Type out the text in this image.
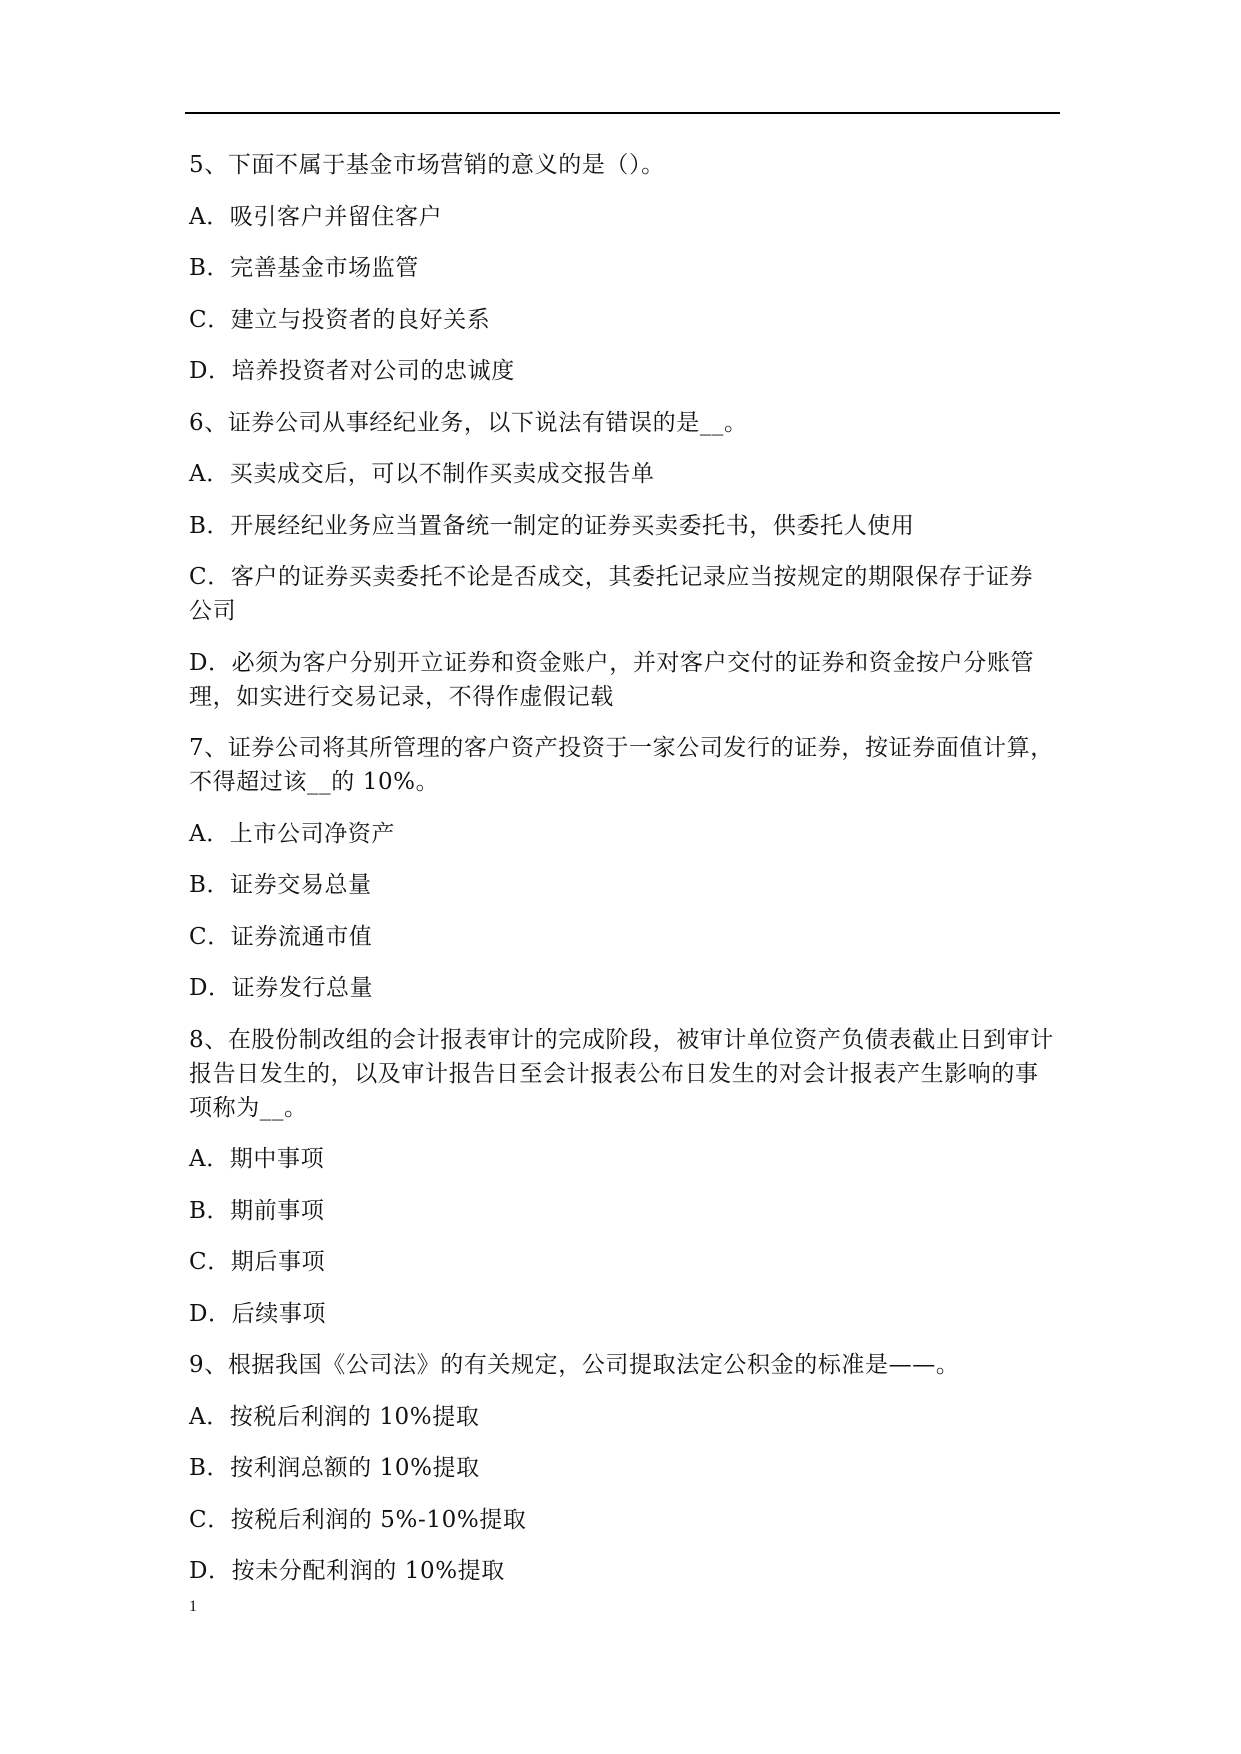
5、下面不属于基金市场营销的意义的是（）。

A．吸引客户并留住客户

B．完善基金市场监管

C．建立与投资者的良好关系

D．培养投资者对公司的忠诚度

6、证券公司从事经纪业务，以下说法有错误的是__。

A．买卖成交后，可以不制作买卖成交报告单

B．开展经纪业务应当置备统一制定的证券买卖委托书，供委托人使用

C．客户的证券买卖委托不论是否成交，其委托记录应当按规定的期限保存于证券公司

D．必须为客户分别开立证券和资金账户，并对客户交付的证券和资金按户分账管理，如实进行交易记录，不得作虚假记载

7、证券公司将其所管理的客户资产投资于一家公司发行的证券，按证券面值计算，不得超过该__的 10%。

A．上市公司净资产

B．证券交易总量

C．证券流通市值

D．证券发行总量

8、在股份制改组的会计报表审计的完成阶段，被审计单位资产负债表截止日到审计报告日发生的，以及审计报告日至会计报表公布日发生的对会计报表产生影响的事项称为__。

A．期中事项

B．期前事项

C．期后事项

D．后续事项

9、根据我国《公司法》的有关规定，公司提取法定公积金的标准是——。

A．按税后利润的 10%提取

B．按利润总额的 10%提取

C．按税后利润的 5%-10%提取

D．按未分配利润的 10%提取

1
